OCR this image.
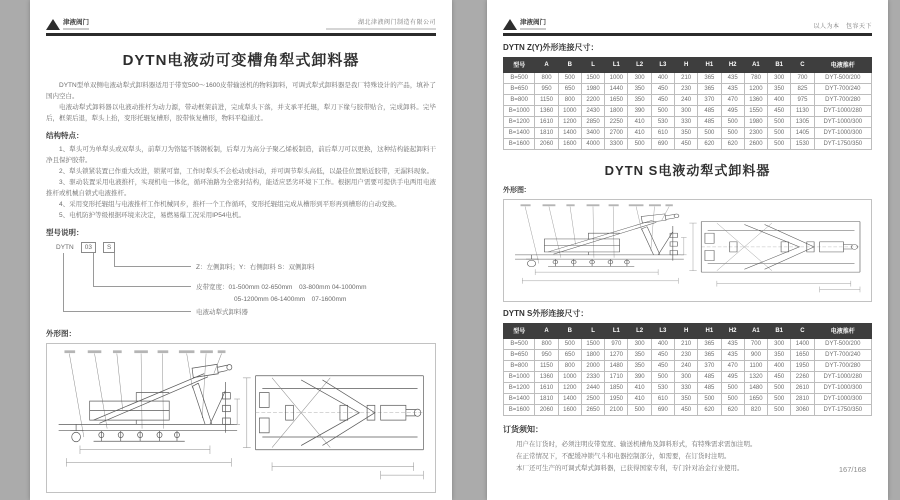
津液阀门	湖北津液阀门制造有限公司
DYTN电液动可变槽角犁式卸料器

DYTN型单双侧电液动犁式卸料器适用于带宽500～1600皮带输送机的物料卸料，可调式犁式卸料器是我厂特殊设计的产品，填补了国内空白。

电液动犁式卸料器以电液动推杆为动力源，带动框架前进，完成犁头下落，并支承平托辊，犁刀下缘与胶带贴合，完成卸料。完毕后，框架后退，犁头上抬，变形托辊复槽形，胶带恢复槽形，物料平稳通过。

结构特点：

1、犁头可为单犁头或双犁头，前犁刀为铬锰不锈钢板制，后犁刀为高分子聚乙烯板制造，前后犁刀可以更换，这种结构能起卸料干净且保护胶带。

2、犁头锁紧装置已作重大改进，锁紧可靠，工作时犁头不会松动或抖动，并可调节犁头高低，以最佳位置贴近胶带，无漏料现象。

3、驱动装置采用电液推杆，实现机电一体化，循环油路为全密封结构，能适应恶劣环境下工作。根据用户需要可提供手电两用电液推杆或机械自锁式电液推杆。

4、采用变形托辊组与电液推杆工作机械同步，推杆一个工作循环，变形托辊组完成从槽形到平形再到槽形的自动变换。

5、电机防护等级根据环境来决定，易燃易爆工况采用IP54电机。

型号说明：
DYTN	03	S
Z：左侧卸料；Y：右侧卸料 S：双侧卸料
皮带宽度：01-500mm 02-650mm　03-800mm 04-1000mm
05-1200mm 06-1400mm　07-1600mm
电液动犁式卸料器
外形图：
津液阀门
以人为本　包容天下
DYTN Z(Y)外形连接尺寸：
型号	A	B	L	L1	L2	L3	H	H1	H2	A1	B1	C	电液推杆
B=500	800	500	1500	1000	300	400	210	365	435	780	300	700	DYT-500/200
B=650	950	650	1980	1440	350	450	230	365	435	1200	350	825	DYT-700/240
B=800	1150	800	2200	1650	350	450	240	370	470	1360	400	975	DYT-700/280
B=1000	1360	1000	2430	1800	390	500	300	485	495	1550	450	1130	DYT-1000/280
B=1200	1610	1200	2850	2250	410	530	330	485	500	1980	500	1305	DYT-1000/300
B=1400	1810	1400	3400	2700	410	610	350	500	500	2300	500	1405	DYT-1000/300
B=1600	2060	1600	4000	3300	500	690	450	620	620	2600	500	1530	DYT-1750/350
DYTN S电液动犁式卸料器
外形图:
DYTN S外形连接尺寸：
型号	A	B	L	L1	L2	L3	H	H1	H2	A1	B1	C	电液推杆
B=500	800	500	1500	970	300	400	210	365	435	700	300	1400	DYT-500/200
B=650	950	650	1800	1270	350	450	230	365	435	900	350	1650	DYT-700/240
B=800	1150	800	2000	1480	350	450	240	370	470	1100	400	1950	DYT-700/280
B=1000	1360	1000	2330	1710	390	500	300	485	495	1320	450	2260	DYT-1000/280
B=1200	1610	1200	2440	1850	410	530	330	485	500	1480	500	2610	DYT-1000/300
B=1400	1810	1400	2500	1950	410	610	350	500	500	1650	500	2810	DYT-1000/300
B=1600	2060	1600	2650	2100	500	690	450	620	620	820	500	3060	DYT-1750/350
订货须知：

用户在订货时，必须注明皮带宽度、输送机槽角及卸料形式，有特殊需求需加注明。

在正常情况下，不配缓冲锁气斗和电器控制部分，如需要，在订货时注明。

本厂还可生产的可调式犁式卸料器，已获得国家专利，专门针对冶金行业使用。	167/168
